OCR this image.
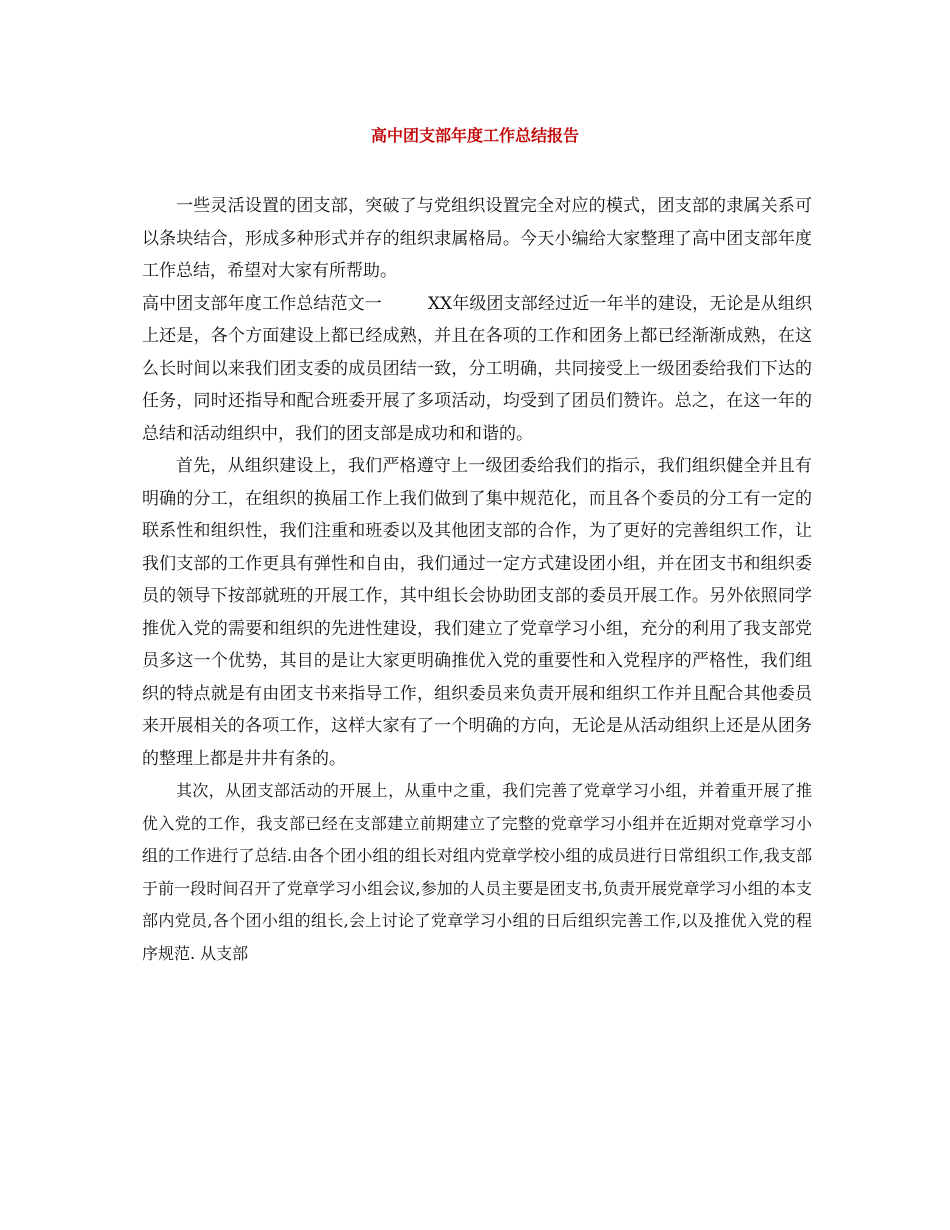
高中团支部年度工作总结报告

一些灵活设置的团支部，突破了与党组织设置完全对应的模式，团支部的隶属关系可以条块结合，形成多种形式并存的组织隶属格局。今天小编给大家整理了高中团支部年度工作总结，希望对大家有所帮助。

高中团支部年度工作总结范文一	XX年级团支部经过近一年半的建设，无论是从组织上还是，各个方面建设上都已经成熟，并且在各项的工作和团务上都已经渐渐成熟，在这么长时间以来我们团支委的成员团结一致，分工明确，共同接受上一级团委给我们下达的任务，同时还指导和配合班委开展了多项活动，均受到了团员们赞许。总之，在这一年的总结和活动组织中，我们的团支部是成功和和谐的。

首先，从组织建设上，我们严格遵守上一级团委给我们的指示，我们组织健全并且有明确的分工，在组织的换届工作上我们做到了集中规范化，而且各个委员的分工有一定的联系性和组织性，我们注重和班委以及其他团支部的合作，为了更好的完善组织工作，让我们支部的工作更具有弹性和自由，我们通过一定方式建设团小组，并在团支书和组织委员的领导下按部就班的开展工作，其中组长会协助团支部的委员开展工作。另外依照同学推优入党的需要和组织的先进性建设，我们建立了党章学习小组，充分的利用了我支部党员多这一个优势，其目的是让大家更明确推优入党的重要性和入党程序的严格性，我们组织的特点就是有由团支书来指导工作，组织委员来负责开展和组织工作并且配合其他委员来开展相关的各项工作，这样大家有了一个明确的方向，无论是从活动组织上还是从团务的整理上都是井井有条的。

其次，从团支部活动的开展上，从重中之重，我们完善了党章学习小组，并着重开展了推优入党的工作，我支部已经在支部建立前期建立了完整的党章学习小组并在近期对党章学习小组的工作进行了总结.由各个团小组的组长对组内党章学校小组的成员进行日常组织工作,我支部于前一段时间召开了党章学习小组会议,参加的人员主要是团支书,负责开展党章学习小组的本支部内党员,各个团小组的组长,会上讨论了党章学习小组的日后组织完善工作,以及推优入党的程序规范. 从支部
